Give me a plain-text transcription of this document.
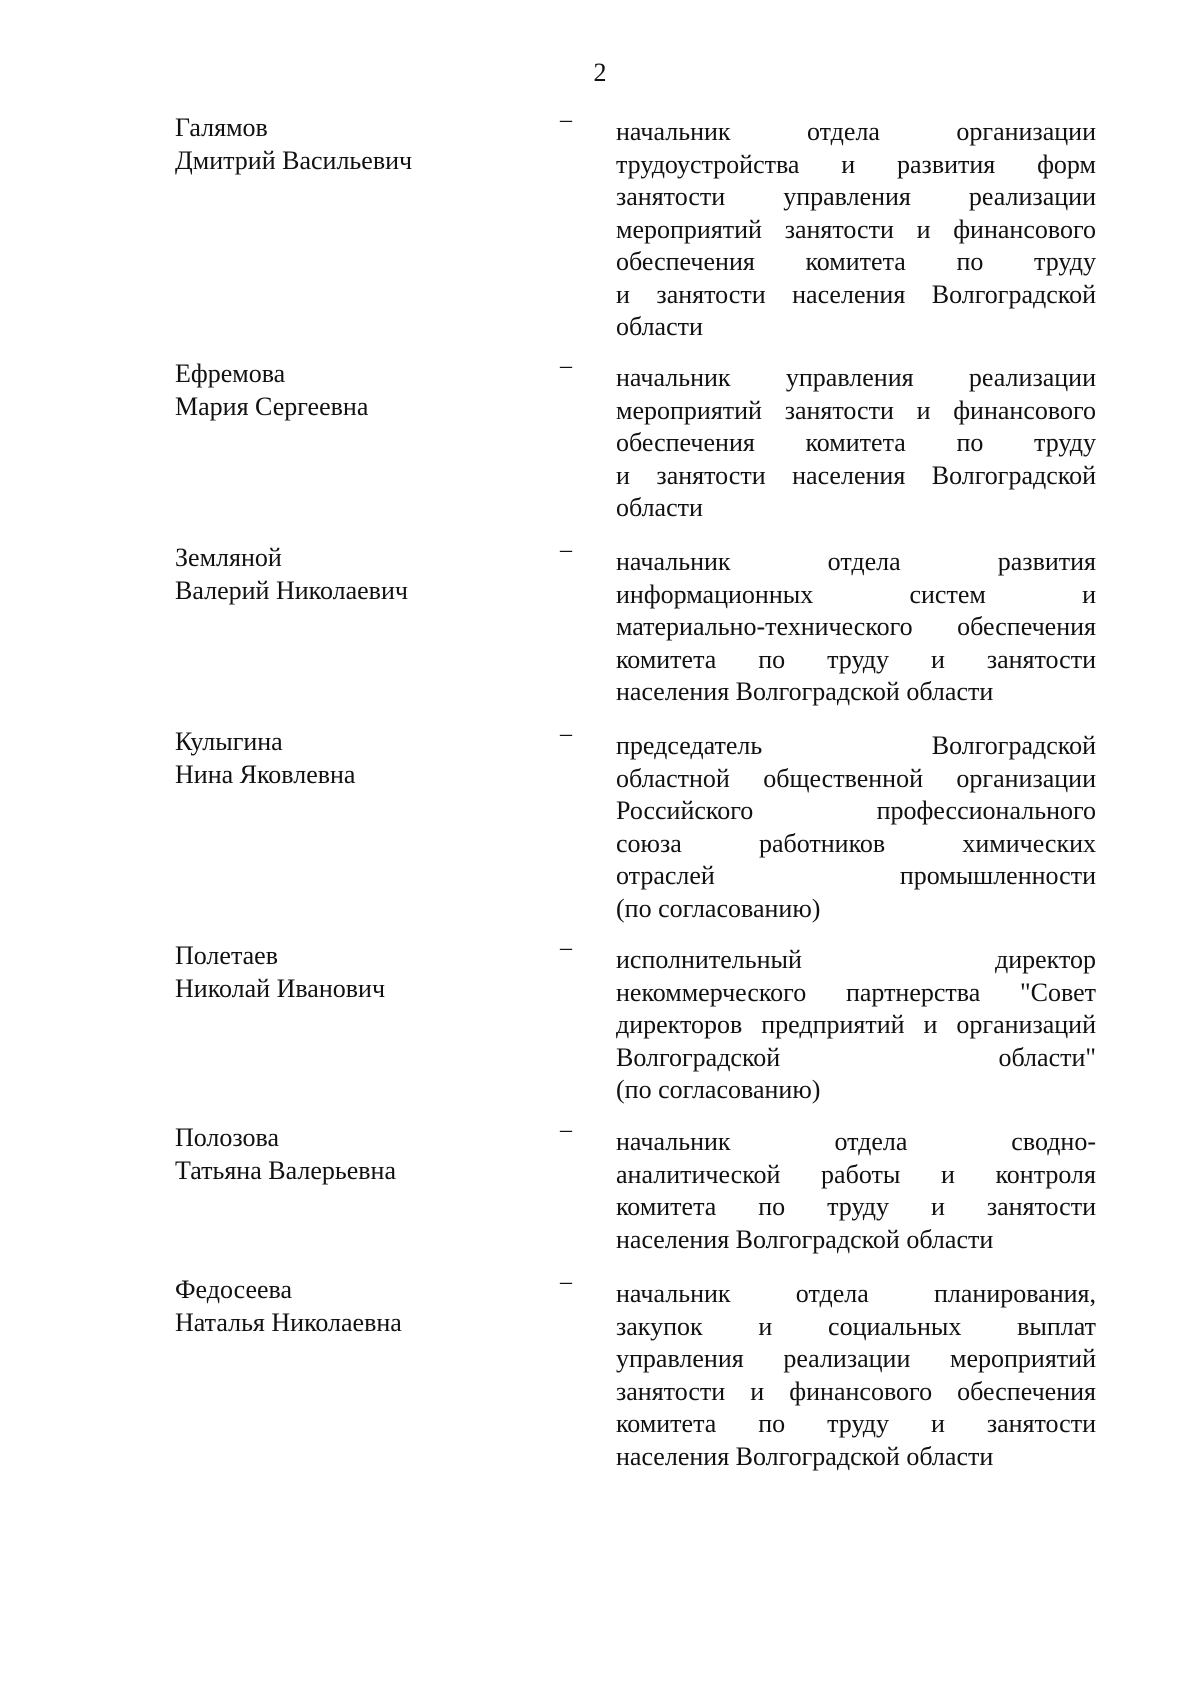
2
Галямов
Дмитрий Васильевич
– начальник отдела организации
трудоустройства и развития форм
занятости управления реализации
мероприятий занятости и финансового
обеспечения комитета по труду
и занятости населения Волгоградской
области
Ефремова
Мария Сергеевна
– начальник управления реализации
мероприятий занятости и финансового
обеспечения комитета по труду
и занятости населения Волгоградской
области
Земляной
Валерий Николаевич
– начальник отдела развития
информационных систем и
материально-технического обеспечения
комитета по труду и занятости
населения Волгоградской области
Кулыгина
Нина Яковлевна
– председатель Волгоградской
областной общественной организации
Российского профессионального
союза работников химических
отраслей промышленности
(по согласованию)
Полетаев
Николай Иванович
– исполнительный директор
некоммерческого партнерства "Совет
директоров предприятий и организаций
Волгоградской области"
(по согласованию)
Полозова
Татьяна Валерьевна
– начальник отдела сводно-
аналитической работы и контроля
комитета по труду и занятости
населения Волгоградской области
Федосеева
Наталья Николаевна
– начальник отдела планирования,
закупок и социальных выплат
управления реализации мероприятий
занятости и финансового обеспечения
комитета по труду и занятости
населения Волгоградской области
